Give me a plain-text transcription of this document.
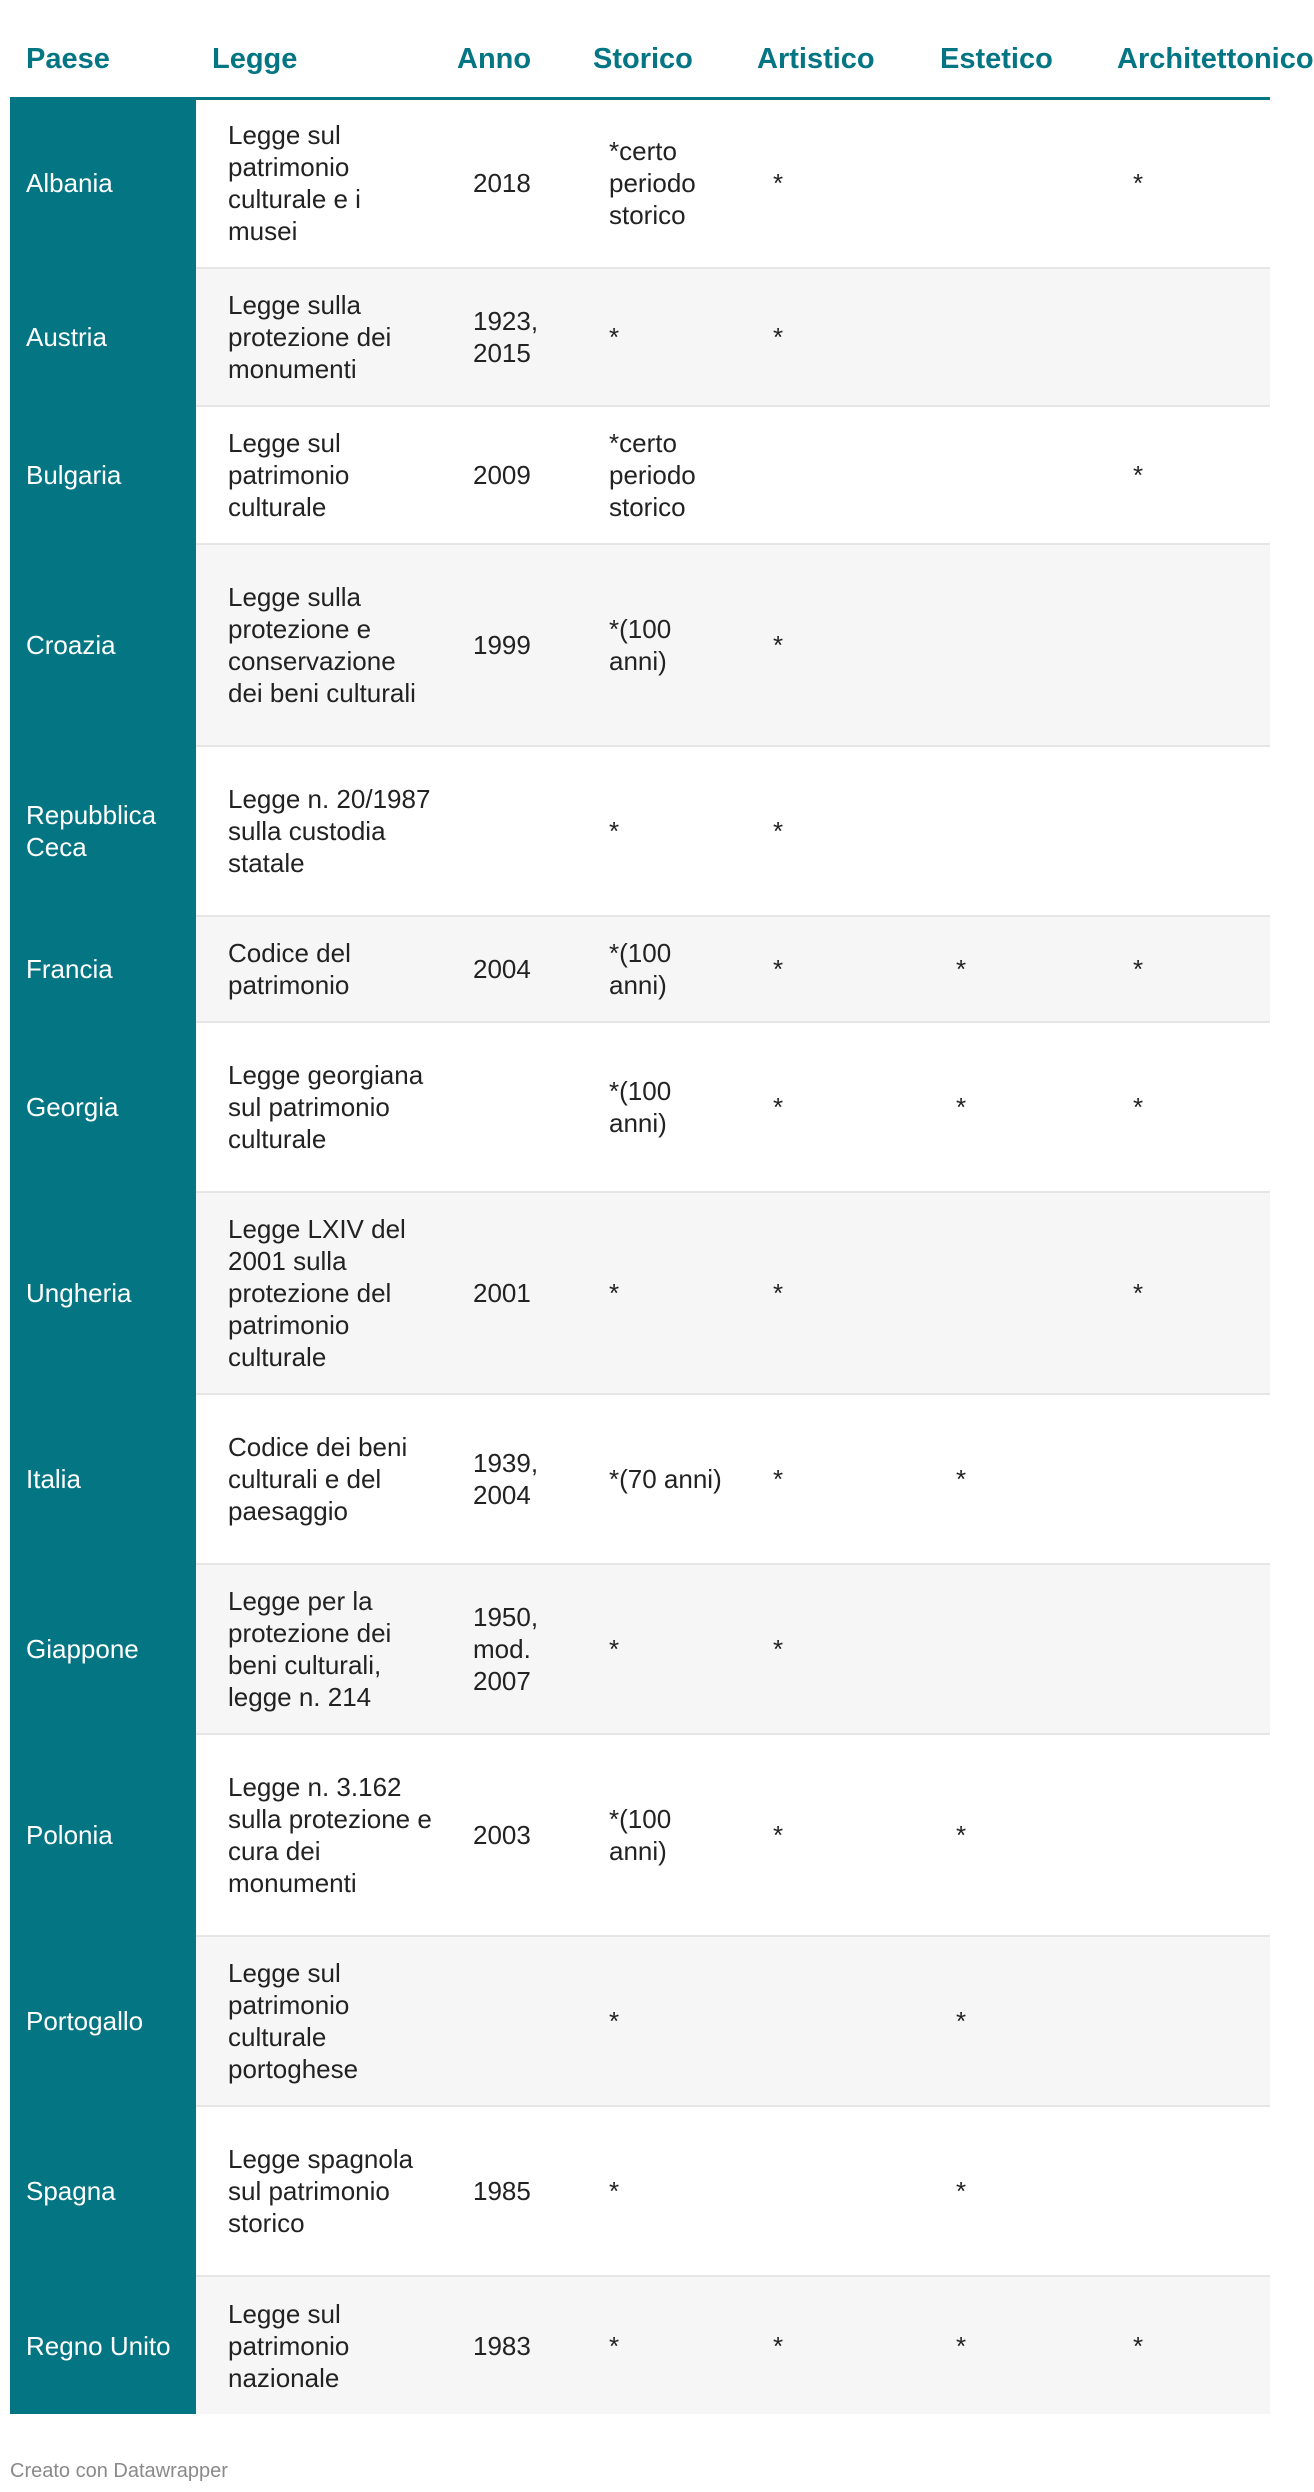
Paese	Legge	Anno	Storico	Artistico	Estetico	Architettonico
Albania	Legge sul patrimonio culturale e i musei	2018	*certo periodo storico	*		*
Austria	Legge sulla protezione dei monumenti	1923, 2015	*	*		
Bulgaria	Legge sul patrimonio culturale	2009	*certo periodo storico			*
Croazia	Legge sulla protezione e conservazione dei beni culturali	1999	*(100 anni)	*		
Repubblica Ceca	Legge n. 20/1987 sulla custodia statale		*	*		
Francia	Codice del patrimonio	2004	*(100 anni)	*	*	*
Georgia	Legge georgiana sul patrimonio culturale		*(100 anni)	*	*	*
Ungheria	Legge LXIV del 2001 sulla protezione del patrimonio culturale	2001	*	*		*
Italia	Codice dei beni culturali e del paesaggio	1939, 2004	*(70 anni)	*	*	
Giappone	Legge per la protezione dei beni culturali, legge n. 214	1950, mod. 2007	*	*		
Polonia	Legge n. 3.162 sulla protezione e cura dei monumenti	2003	*(100 anni)	*	*	
Portogallo	Legge sul patrimonio culturale portoghese		*		*	
Spagna	Legge spagnola sul patrimonio storico	1985	*		*	
Regno Unito	Legge sul patrimonio nazionale	1983	*	*	*	*
Creato con Datawrapper
